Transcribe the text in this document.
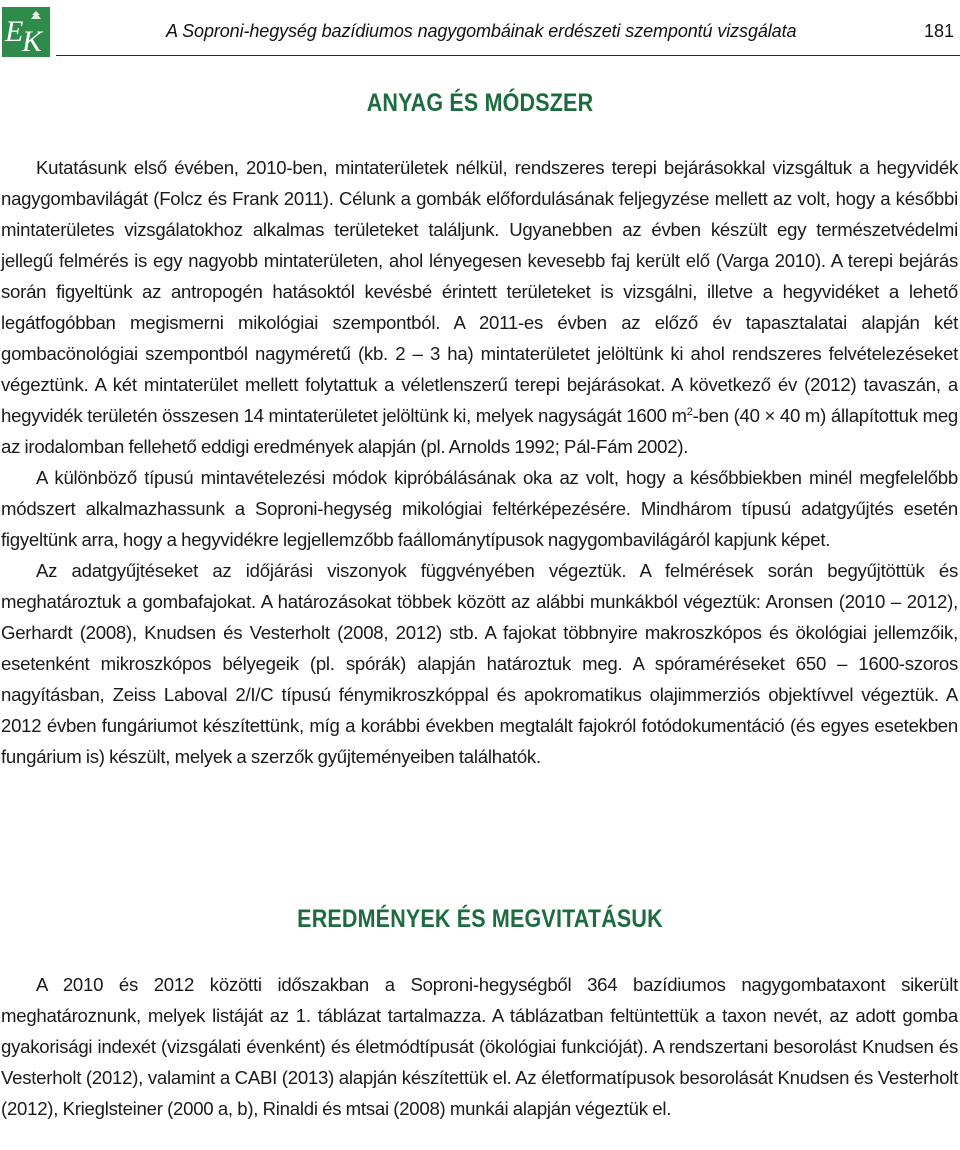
E
K	A Soproni-hegység bazídiumos nagygombáinak erdészeti szempontú vizsgálata	181
ANYAG ÉS MÓDSZER

Kutatásunk első évében, 2010-ben, mintaterületek nélkül, rendszeres terepi bejárásokkal vizsgáltuk a hegyvidék nagygombavilágát (Folcz és Frank 2011). Célunk a gombák előfordulásának feljegyzése mellett az volt, hogy a későbbi mintaterületes vizsgálatokhoz alkalmas területeket találjunk. Ugyanebben az évben készült egy természetvédelmi jellegű felmérés is egy nagyobb mintaterületen, ahol lényegesen kevesebb faj került elő (Varga 2010). A terepi bejárás során figyeltünk az antropogén hatásoktól kevésbé érintett területeket is vizsgálni, illetve a hegyvidéket a lehető legátfogóbban megismerni mikológiai szempontból. A 2011-es évben az előző év tapasztalatai alapján két gombacönológiai szempontból nagyméretű (kb. 2 – 3 ha) mintaterületet jelöltünk ki ahol rendszeres felvételezéseket végeztünk. A két mintaterület mellett folytattuk a véletlenszerű terepi bejárásokat. A következő év (2012) tavaszán, a hegyvidék területén összesen 14 mintaterületet jelöltünk ki, melyek nagyságát 1600 $m^2$-ben (40 × 40 m) állapítottuk meg az irodalomban fellehető eddigi eredmények alapján (pl. Arnolds 1992; Pál-Fám 2002).

A különböző típusú mintavételezési módok kipróbálásának oka az volt, hogy a későbbiekben minél megfelelőbb módszert alkalmazhassunk a Soproni-hegység mikológiai feltérképezésére. Mindhárom típusú adatgyűjtés esetén figyeltünk arra, hogy a hegyvidékre legjellemzőbb faállománytípusok nagygombavilágáról kapjunk képet.

Az adatgyűjtéseket az időjárási viszonyok függvényében végeztük. A felmérések során begyűjtöttük és meghatároztuk a gombafajokat. A határozásokat többek között az alábbi munkákból végeztük: Aronsen (2010 – 2012), Gerhardt (2008), Knudsen és Vesterholt (2008, 2012) stb. A fajokat többnyire makroszkópos és ökológiai jellemzőik, esetenként mikroszkópos bélyegeik (pl. spórák) alapján határoztuk meg. A spóraméréseket 650 – 1600-szoros nagyításban, Zeiss Laboval 2/I/C típusú fénymikroszkóppal és apokromatikus olajimmerziós objektívvel végeztük. A 2012 évben fungáriumot készítettünk, míg a korábbi években megtalált fajokról fotódokumentáció (és egyes esetekben fungárium is) készült, melyek a szerzők gyűjteményeiben találhatók.

EREDMÉNYEK ÉS MEGVITATÁSUK

A 2010 és 2012 közötti időszakban a Soproni-hegységből 364 bazídiumos nagygombataxont sikerült meghatároznunk, melyek listáját az 1. táblázat tartalmazza. A táblázatban feltüntettük a taxon nevét, az adott gomba gyakorisági indexét (vizsgálati évenként) és életmódtípusát (ökológiai funkcióját). A rendszertani besorolást Knudsen és Vesterholt (2012), valamint a CABI (2013) alapján készítettük el. Az életformatípusok besorolását Knudsen és Vesterholt (2012), Krieglsteiner (2000 a, b), Rinaldi és mtsai (2008) munkái alapján végeztük el.
